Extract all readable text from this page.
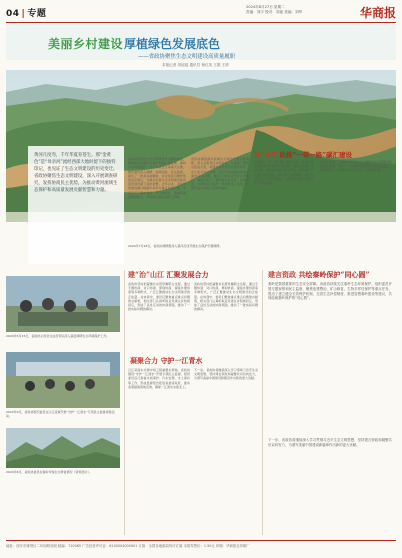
04 | 专题
2024年8月27日 星期二
责编：刘宇 校对：刘瑶 美编：刘华	华商报
美丽乡村建设 厚植绿色发展底色
——省政协聚焦生态文明建设高质量履职
本报记者 刘瑶瑶 通讯员 杨红英 王娟 王婷

黄河几度弯，千年华夏育苍生。那“金黄色”是“母亲河”流经西部大地时留下的独特印记，也见证了生态文明建设的历史变迁。省政协聚焦生态文明建设，深入开展调查研究，发挥协商民主优势，为推动黄河流域生态保护和高质量发展贡献智慧和力量。

省政协坚持把生态文明建设作为履职重点，围绕黄河流域生态保护和高质量发展、秦岭生态环境保护、汉江水质安全等重大议题，组织委员深入调研、协商议政、民主监督，提出了一批具有前瞻性、针对性和可操作性的意见建议，为推动全省生态文明建设高质量发展贡献了政协智慧。去年以来，省政协把推进碳达峰碳中和作为重点协商议题，先后召开专题协商会、对口协商会，形成高质量调研报告，多项建议被有关部门采纳。

省政协围绕黄河流域生态保护开展专题调研，深入沿黄县区实地察看，与基层干部群众座谈交流，梳理出水资源节约集约利用、水土流失综合治理、生态产品价值实现等方面的突出问题，提出了切实可行的对策建议。委员们表示，要坚持生态优先、绿色发展，共同抓好大保护，协同推进大治理，让黄河成为造福人民的幸福河。

推”长江 助推“一带一路”碳汇建设

在推进“一带一路”碳汇建设方面，省政协组织委员赴多个地市开展调研，提出完善碳汇交易机制、加强林业碳汇项目开发、推动碳汇产业链延伸等建议。相关部门积极吸纳，碳汇交易试点工作有序推进，为实现“双碳”目标积累了有益经验。

各民主党派、工商联和无党派人士围绕生态文明建设积极建言献策，形成了一批高质量提案和社情民意信息，推动解决了一批群众关心关注的生态环境问题。

2024年7月18日，省政协调研组深入黄河沿线开展生态保护专题调研。
2024年5月15日，省政协主席会议成员带队深入基层调研生态环境保护工作。
2024年6月，省政协组织委员在汉江流域开展“守护一江清水”专项民主监督视察活动。
建“治”山江 汇聚发展合力

省政协坚持把凝聚共识贯穿履职全过程，通过专题协商、对口协商、界别协商、提案办理协商等多种形式，广泛汇聚推动生态文明建设的正能量。在协商中，委员们聚焦重点难点问题建言献策，相关部门认真听取意见建议并积极回应，形成了良性互动的协商氛围，推动了一批实际问题的解决。

省政协坚持把凝聚共识贯穿履职全过程，通过专题协商、对口协商、界别协商、提案办理协商等多种形式，广泛汇聚推动生态文明建设的正能量。在协商中，委员们聚焦重点难点问题建言献策，相关部门认真听取意见建议并积极回应，形成了良性互动的协商氛围，推动了一批实际问题的解决。

建言资政 共绘秦岭保护“同心圆”

秦岭是我国重要的生态安全屏障。省政协持续关注秦岭生态环境保护，组织委员开展专题视察和民主监督，聚焦违建整治、矿山修复、生物多样性保护等重点任务，提出了建立健全长效保护机制、完善生态补偿制度、推进智慧秦岭建设等建议，共同绘就秦岭保护的“同心圆”。

凝聚合力 守护一江青水

汉江是南水北调中线工程重要水源地。省政协围绕“守护一江清水”开展专项民主监督，组织委员沿江察看水质保护、污水处理、水土保持等工作，形成监督报告报送省委省政府，推动各项措施落地见效，确保一江清水永续北上。

下一步，省政协将继续深入学习贯彻习近平生态文明思想，坚持建言资政和凝聚共识双向发力，为谱写美丽中国建设新篇章作出新的更大贡献。

2024年6月，省政协委员在秦岭考察生态修复情况（资料图片）。

下一步，省政协将继续深入学习贯彻习近平生态文明思想，坚持建言资政和凝聚共识双向发力，为谱写美丽中国建设新篇章作出新的更大贡献。

地址：西安市雁塔区二环南路西段 邮编：710065 广告经营许可证：6100004000001 订阅：全国各地邮局均可订阅 本报零售价：1.50元 印刷：华商报社印刷厂
